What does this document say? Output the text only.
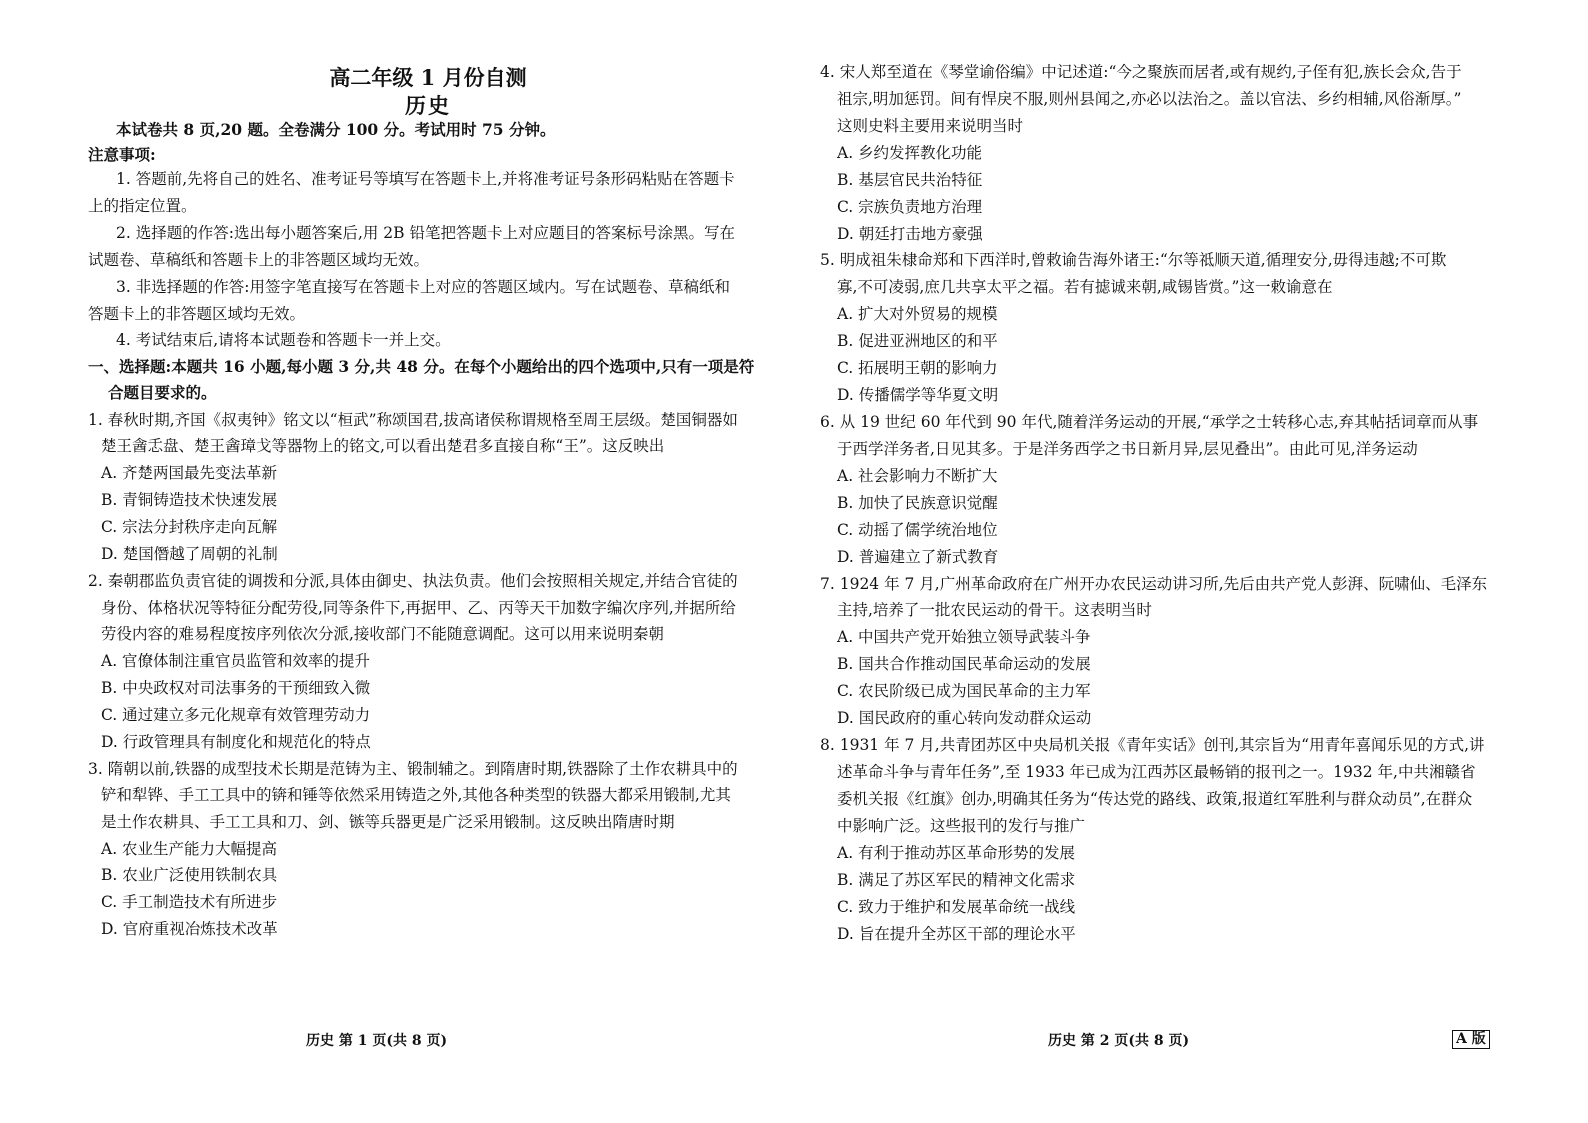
高二年级 1 月份自测
历史
本试卷共 8 页,20 题。全卷满分 100 分。考试用时 75 分钟。
注意事项:
1. 答题前,先将自己的姓名、准考证号等填写在答题卡上,并将准考证号条形码粘贴在答题卡
上的指定位置。
2. 选择题的作答:选出每小题答案后,用 2B 铅笔把答题卡上对应题目的答案标号涂黑。写在
试题卷、草稿纸和答题卡上的非答题区域均无效。
3. 非选择题的作答:用签字笔直接写在答题卡上对应的答题区域内。写在试题卷、草稿纸和
答题卡上的非答题区域均无效。
4. 考试结束后,请将本试题卷和答题卡一并上交。
一、选择题:本题共 16 小题,每小题 3 分,共 48 分。在每个小题给出的四个选项中,只有一项是符
合题目要求的。
1. 春秋时期,齐国《叔夷钟》铭文以“桓武”称颂国君,拔高诸侯称谓规格至周王层级。楚国铜器如
楚王酓忎盘、楚王酓璋戈等器物上的铭文,可以看出楚君多直接自称“王”。这反映出
A. 齐楚两国最先变法革新
B. 青铜铸造技术快速发展
C. 宗法分封秩序走向瓦解
D. 楚国僭越了周朝的礼制
2. 秦朝郡监负责官徒的调拨和分派,具体由御史、执法负责。他们会按照相关规定,并结合官徒的
身份、体格状况等特征分配劳役,同等条件下,再据甲、乙、丙等天干加数字编次序列,并据所给
劳役内容的难易程度按序列依次分派,接收部门不能随意调配。这可以用来说明秦朝
A. 官僚体制注重官员监管和效率的提升
B. 中央政权对司法事务的干预细致入微
C. 通过建立多元化规章有效管理劳动力
D. 行政管理具有制度化和规范化的特点
3. 隋朝以前,铁器的成型技术长期是范铸为主、锻制辅之。到隋唐时期,铁器除了土作农耕具中的
铲和犁铧、手工工具中的锛和锤等依然采用铸造之外,其他各种类型的铁器大都采用锻制,尤其
是土作农耕具、手工工具和刀、剑、镞等兵器更是广泛采用锻制。这反映出隋唐时期
A. 农业生产能力大幅提高
B. 农业广泛使用铁制农具
C. 手工制造技术有所进步
D. 官府重视冶炼技术改革
4. 宋人郑至道在《琴堂谕俗编》中记述道:“今之聚族而居者,或有规约,子侄有犯,族长会众,告于
祖宗,明加惩罚。间有悍戾不服,则州县闻之,亦必以法治之。盖以官法、乡约相辅,风俗渐厚。”
这则史料主要用来说明当时
A. 乡约发挥教化功能
B. 基层官民共治特征
C. 宗族负责地方治理
D. 朝廷打击地方豪强
5. 明成祖朱棣命郑和下西洋时,曾敕谕告海外诸王:“尔等祗顺天道,循理安分,毋得违越;不可欺
寡,不可凌弱,庶几共享太平之福。若有摅诚来朝,咸锡皆赏。”这一敕谕意在
A. 扩大对外贸易的规模
B. 促进亚洲地区的和平
C. 拓展明王朝的影响力
D. 传播儒学等华夏文明
6. 从 19 世纪 60 年代到 90 年代,随着洋务运动的开展,“承学之士转移心志,弃其帖括词章而从事
于西学洋务者,日见其多。于是洋务西学之书日新月异,层见叠出”。由此可见,洋务运动
A. 社会影响力不断扩大
B. 加快了民族意识觉醒
C. 动摇了儒学统治地位
D. 普遍建立了新式教育
7. 1924 年 7 月,广州革命政府在广州开办农民运动讲习所,先后由共产党人彭湃、阮啸仙、毛泽东
主持,培养了一批农民运动的骨干。这表明当时
A. 中国共产党开始独立领导武装斗争
B. 国共合作推动国民革命运动的发展
C. 农民阶级已成为国民革命的主力军
D. 国民政府的重心转向发动群众运动
8. 1931 年 7 月,共青团苏区中央局机关报《青年实话》创刊,其宗旨为“用青年喜闻乐见的方式,讲
述革命斗争与青年任务”,至 1933 年已成为江西苏区最畅销的报刊之一。1932 年,中共湘赣省
委机关报《红旗》创办,明确其任务为“传达党的路线、政策,报道红军胜利与群众动员”,在群众
中影响广泛。这些报刊的发行与推广
A. 有利于推动苏区革命形势的发展
B. 满足了苏区军民的精神文化需求
C. 致力于维护和发展革命统一战线
D. 旨在提升全苏区干部的理论水平
历史 第 1 页(共 8 页)	历史 第 2 页(共 8 页)	A 版
